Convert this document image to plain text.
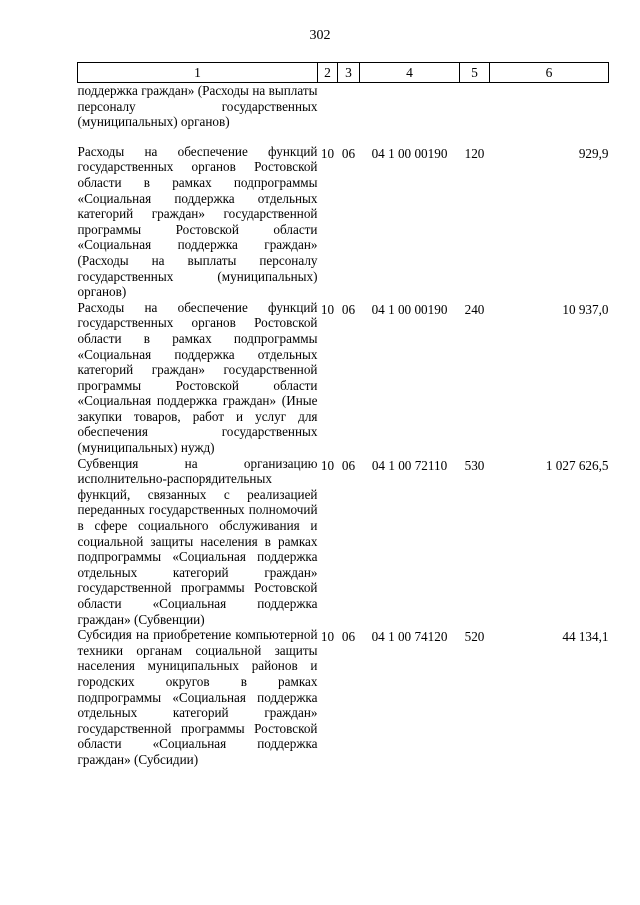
302
1	2	3	4	5	6
поддержка граждан» (Расходы на выплаты персоналу государственных (муниципальных) органов)					
Расходы на обеспечение функций государственных органов Ростовской области в рамках подпрограммы «Социальная поддержка отдельных категорий граждан» государственной программы Ростовской области «Социальная поддержка граждан» (Расходы на выплаты персоналу государственных (муниципальных) органов)	10	06	04 1 00 00190	120	929,9
Расходы на обеспечение функций государственных органов Ростовской области в рамках подпрограммы «Социальная поддержка отдельных категорий граждан» государственной программы Ростовской области «Социальная поддержка граждан» (Иные закупки товаров, работ и услуг для обеспечения государственных (муниципальных) нужд)	10	06	04 1 00 00190	240	10 937,0
Субвенция на организацию исполнительно-распорядительных функций, связанных с реализацией переданных государственных полномочий в сфере социального обслуживания и социальной защиты населения в рамках подпрограммы «Социальная поддержка отдельных категорий граждан» государственной программы Ростовской области «Социальная поддержка граждан» (Субвенции)	10	06	04 1 00 72110	530	1 027 626,5
Субсидия на приобретение компьютерной техники органам социальной защиты населения муниципальных районов и городских округов в рамках подпрограммы «Социальная поддержка отдельных категорий граждан» государственной программы Ростовской области «Социальная поддержка граждан» (Субсидии)	10	06	04 1 00 74120	520	44 134,1
